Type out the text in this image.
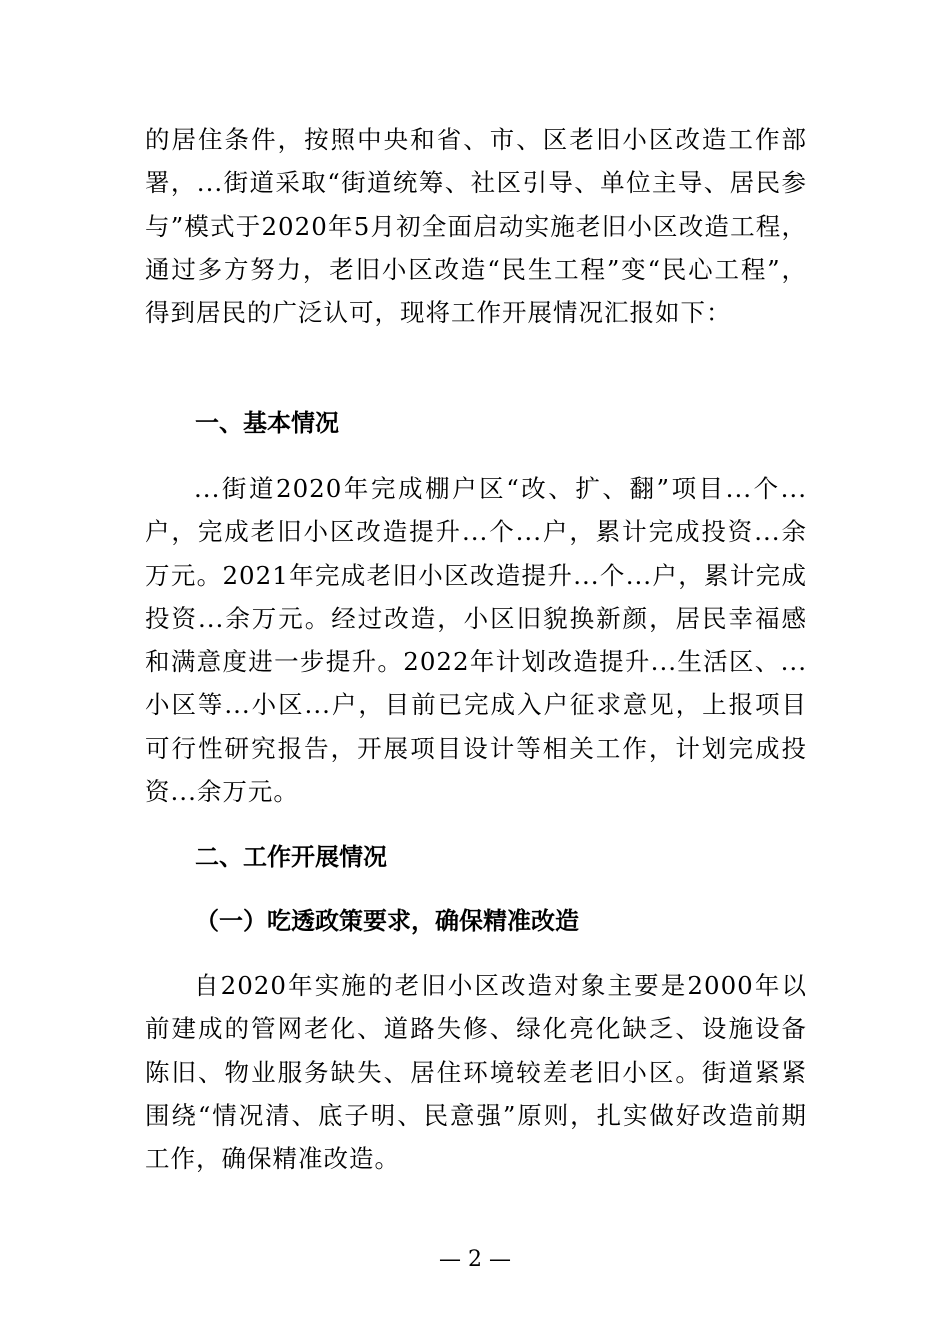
的居住条件，按照中央和省、市、区老旧小区改造工作部署，...街道采取“街道统筹、社区引导、单位主导、居民参与”模式于2020年5月初全面启动实施老旧小区改造工程，通过多方努力，老旧小区改造“民生工程”变“民心工程”，得到居民的广泛认可，现将工作开展情况汇报如下：

一、基本情况

...街道2020年完成棚户区“改、扩、翻”项目...个...户，完成老旧小区改造提升...个...户，累计完成投资...余万元。2021年完成老旧小区改造提升...个...户，累计完成投资...余万元。经过改造，小区旧貌换新颜，居民幸福感和满意度进一步提升。2022年计划改造提升...生活区、...小区等...小区...户，目前已完成入户征求意见，上报项目可行性研究报告，开展项目设计等相关工作，计划完成投资...余万元。

二、工作开展情况
（一）吃透政策要求，确保精准改造

自2020年实施的老旧小区改造对象主要是2000年以前建成的管网老化、道路失修、绿化亮化缺乏、设施设备陈旧、物业服务缺失、居住环境较差老旧小区。街道紧紧围绕“情况清、底子明、民意强”原则，扎实做好改造前期工作，确保精准改造。

— 2 —
